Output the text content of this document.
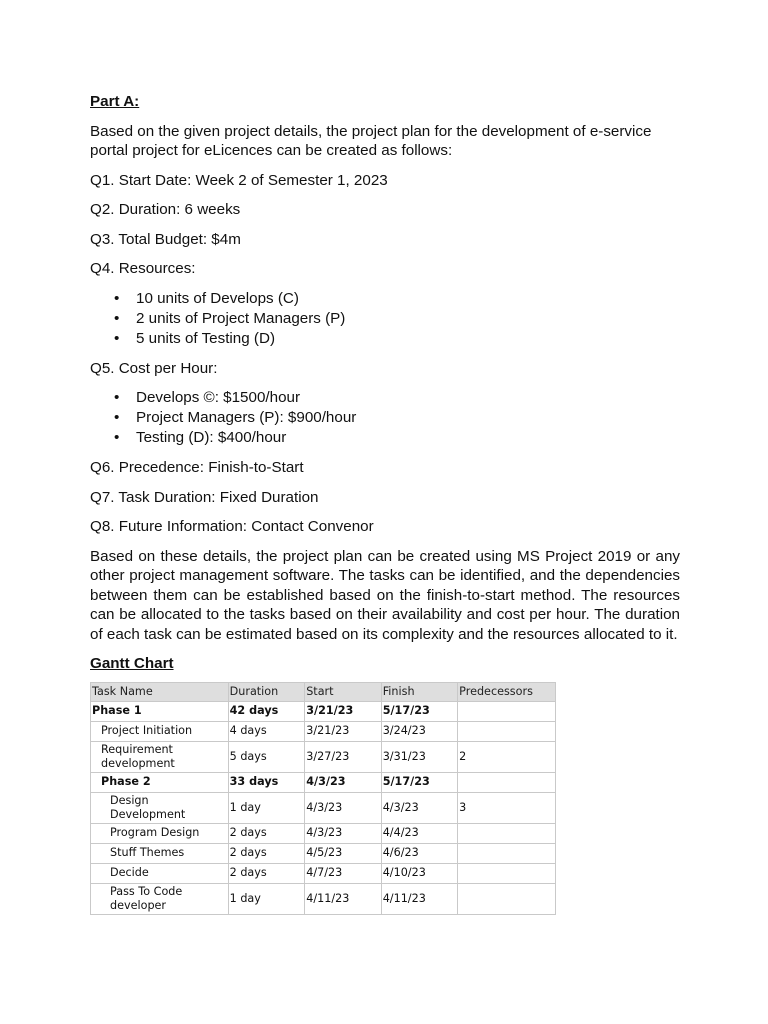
Part A:
Based on the given project details, the project plan for the development of e-service portal project for eLicences can be created as follows:
Q1. Start Date: Week 2 of Semester 1, 2023
Q2. Duration: 6 weeks
Q3. Total Budget: $4m
Q4. Resources:
• 10 units of Develops (C)
• 2 units of Project Managers (P)
• 5 units of Testing (D)
Q5. Cost per Hour:
• Develops ©: $1500/hour
• Project Managers (P): $900/hour
• Testing (D): $400/hour
Q6. Precedence: Finish-to-Start
Q7. Task Duration: Fixed Duration
Q8. Future Information: Contact Convenor
Based on these details, the project plan can be created using MS Project 2019 or any other project management software. The tasks can be identified, and the dependencies between them can be established based on the finish-to-start method. The resources can be allocated to the tasks based on their availability and cost per hour. The duration of each task can be estimated based on its complexity and the resources allocated to it.
Gantt Chart
Task Name	Duration	Start	Finish	Predecessors
Phase 1	42 days	3/21/23	5/17/23	
Project Initiation	4 days	3/21/23	3/24/23	
Requirement development	5 days	3/27/23	3/31/23	2
Phase 2	33 days	4/3/23	5/17/23	
Design Development	1 day	4/3/23	4/3/23	3
Program Design	2 days	4/3/23	4/4/23	
Stuff Themes	2 days	4/5/23	4/6/23	
Decide	2 days	4/7/23	4/10/23	
Pass To Code developer	1 day	4/11/23	4/11/23	
